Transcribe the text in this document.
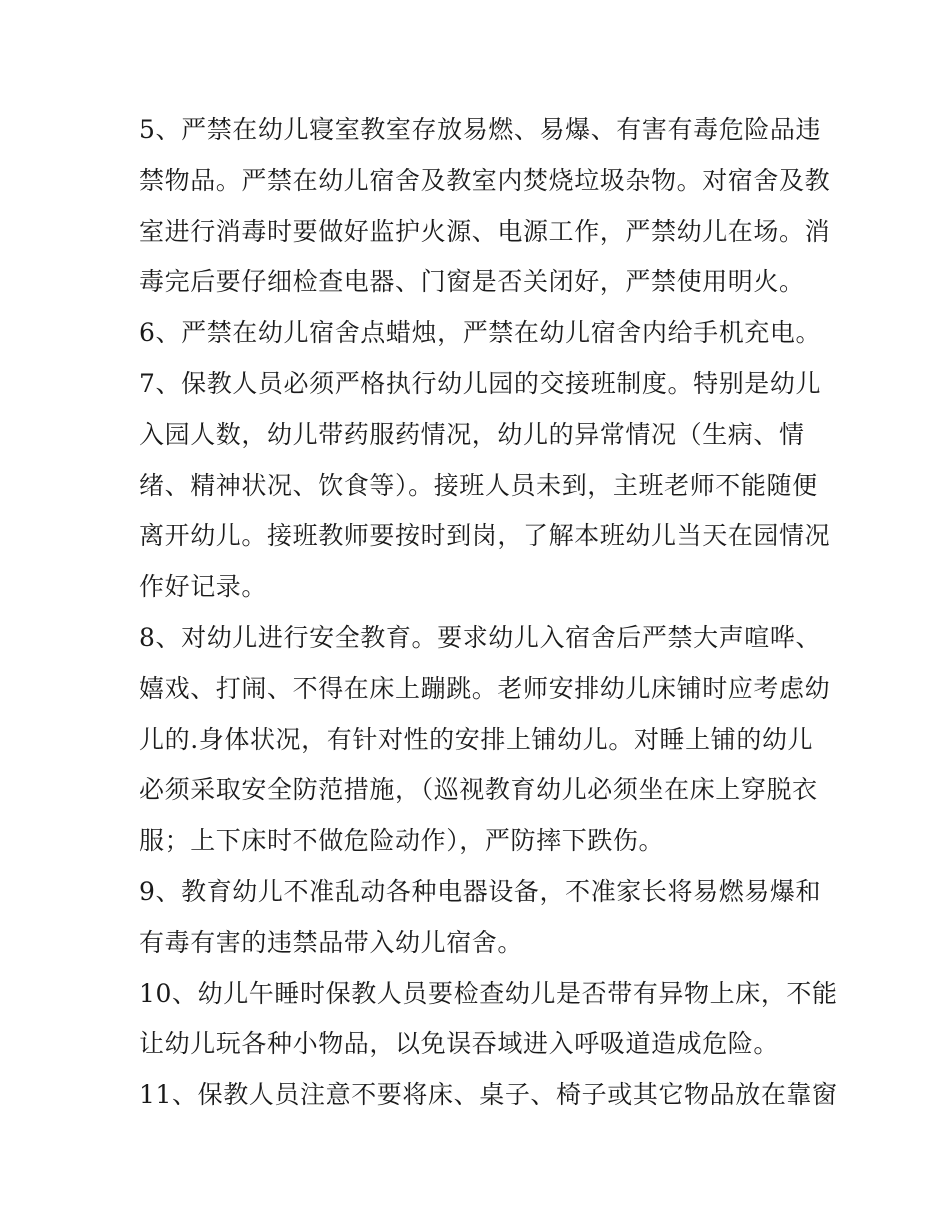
5、严禁在幼儿寝室教室存放易燃、易爆、有害有毒危险品违
禁物品。严禁在幼儿宿舍及教室内焚烧垃圾杂物。对宿舍及教
室进行消毒时要做好监护火源、电源工作，严禁幼儿在场。消
毒完后要仔细检查电器、门窗是否关闭好，严禁使用明火。
6、严禁在幼儿宿舍点蜡烛，严禁在幼儿宿舍内给手机充电。
7、保教人员必须严格执行幼儿园的交接班制度。特别是幼儿
入园人数，幼儿带药服药情况，幼儿的异常情况（生病、情
绪、精神状况、饮食等）。接班人员未到，主班老师不能随便
离开幼儿。接班教师要按时到岗，了解本班幼儿当天在园情况
作好记录。
8、对幼儿进行安全教育。要求幼儿入宿舍后严禁大声喧哗、
嬉戏、打闹、不得在床上蹦跳。老师安排幼儿床铺时应考虑幼
儿的.身体状况，有针对性的安排上铺幼儿。对睡上铺的幼儿
必须采取安全防范措施，（巡视教育幼儿必须坐在床上穿脱衣
服；上下床时不做危险动作），严防摔下跌伤。
9、教育幼儿不准乱动各种电器设备，不准家长将易燃易爆和
有毒有害的违禁品带入幼儿宿舍。
10、幼儿午睡时保教人员要检查幼儿是否带有异物上床，不能
让幼儿玩各种小物品，以免误吞域进入呼吸道造成危险。
11、保教人员注意不要将床、桌子、椅子或其它物品放在靠窗
